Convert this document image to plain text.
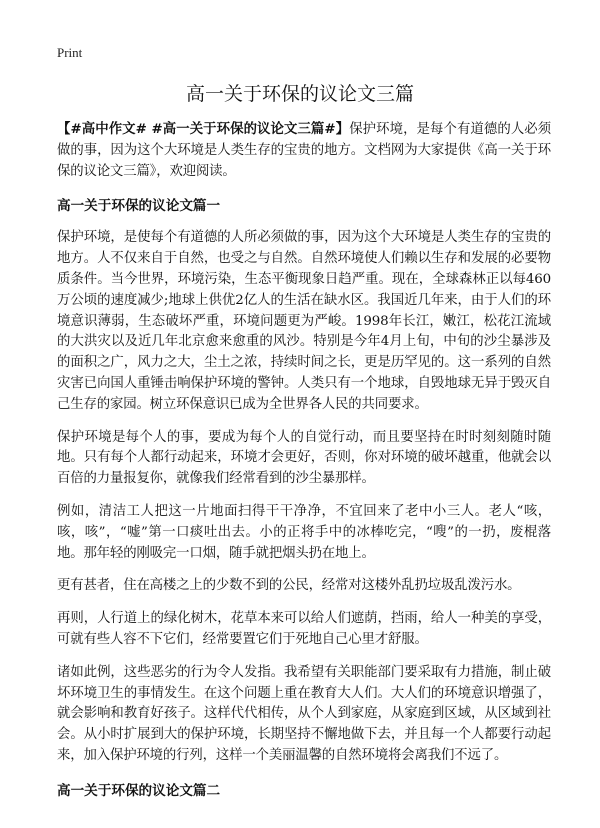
Print
高一关于环保的议论文三篇

【#高中作文# #高一关于环保的议论文三篇#】保护环境，是每个有道德的人必须做的事，因为这个大环境是人类生存的宝贵的地方。文档网为大家提供《高一关于环保的议论文三篇》，欢迎阅读。

高一关于环保的议论文篇一

保护环境，是使每个有道德的人所必须做的事，因为这个大环境是人类生存的宝贵的地方。人不仅来自于自然，也受之与自然。自然环境使人们赖以生存和发展的必要物质条件。当今世界，环境污染，生态平衡现象日趋严重。现在，全球森林正以每460万公顷的速度减少;地球上供优2亿人的生活在缺水区。我国近几年来，由于人们的环境意识薄弱，生态破坏严重，环境问题更为严峻。1998年长江，嫩江，松花江流域的大洪灾以及近几年北京愈来愈重的风沙。特别是今年4月上旬，中旬的沙尘暴涉及的面积之广，风力之大，尘土之浓，持续时间之长，更是历罕见的。这一系列的自然灾害已向国人重锤击响保护环境的警钟。人类只有一个地球，自毁地球无异于毁灭自己生存的家园。树立环保意识已成为全世界各人民的共同要求。

保护环境是每个人的事，要成为每个人的自觉行动，而且要坚持在时时刻刻随时随地。只有每个人都行动起来，环境才会更好，否则，你对环境的破坏越重，他就会以百倍的力量报复你，就像我们经常看到的沙尘暴那样。

例如，清洁工人把这一片地面扫得干干净净，不宜回来了老中小三人。老人“咳，咳，咳”，“嘘”第一口痰吐出去。小的正将手中的冰棒吃完，“嗖”的一扔，废棍落地。那年轻的刚吸完一口烟，随手就把烟头扔在地上。

更有甚者，住在高楼之上的少数不到的公民，经常对这楼外乱扔垃圾乱泼污水。

再则，人行道上的绿化树木，花草本来可以给人们遮荫，挡雨，给人一种美的享受，可就有些人容不下它们，经常要置它们于死地自己心里才舒服。

诸如此例，这些恶劣的行为令人发指。我希望有关职能部门要采取有力措施，制止破坏环境卫生的事情发生。在这个问题上重在教育大人们。大人们的环境意识增强了，就会影响和教育好孩子。这样代代相传，从个人到家庭，从家庭到区域，从区域到社会。从小时扩展到大的保护环境，长期坚持不懈地做下去，并且每一个人都要行动起来，加入保护环境的行列，这样一个美丽温馨的自然环境将会离我们不远了。

高一关于环保的议论文篇二
